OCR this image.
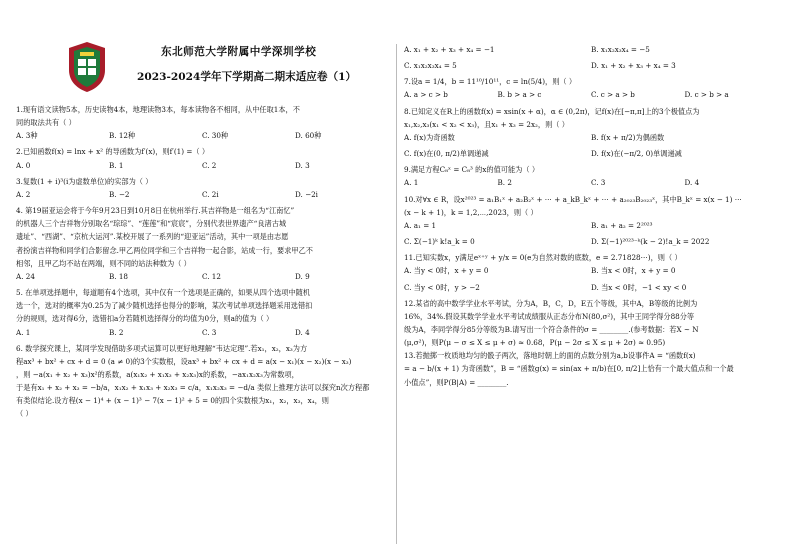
东北师范大学附属中学深圳学校
2023-2024学年下学期高二期末适应卷（1）
1.现有语文读物5本，历史读物4本，地理读物3本，每本读物各不相同，从中任取1本，不
同的取法共有（ ）
A. 3种	B. 12种	C. 30种	D. 60种
2.已知函数f(x) = lnx + x² 的导函数为f′(x)，则f′(1) =（ ）
A. 0	B. 1	C. 2	D. 3
3.复数(1 + i)³(i为虚数单位)的实部为（ ）
A. 2	B. −2	C. 2i	D. −2i
4. 第19届亚运会将于今年9月23日到10月8日在杭州举行.其吉祥物是一组名为“江南忆”
的机器人三个吉祥物分别取名“琮琮”、“莲莲”和“宸宸”，分别代表世界遗产“良渚古城
遗址”、“西湖”、“京杭大运河”.某校开展了一系列的“迎亚运”活动，其中一项是由志愿
者扮演吉祥物和同学们合影留念.甲乙两位同学和三个吉祥物一起合影，站成一行，要求甲乙不
相邻，且甲乙均不站在两端，则不同的站法种数为（ ）
A. 24	B. 18	C. 12	D. 9
5. 在单项选择题中，每道题有4个选项，其中仅有一个选项是正确的，如果从四个选项中随机
选一个，选对的概率为0.25为了减少随机选择也得分的影响，某次考试单项选择题采用选错扣
分的规则，选对得6分，选错扣a分若随机选择得分的均值为0分，则a的值为（ ）
A. 1	B. 2	C. 3	D. 4
6. 数学探究课上，某同学发现借助多项式运算可以更好地理解“韦达定理”.若x₁，x₂，x₃为方
程ax³ + bx² + cx + d = 0 (a ≠ 0)的3个实数根，设ax³ + bx² + cx + d = a(x − x₁)(x − x₂)(x − x₃)
，则 −a(x₁ + x₂ + x₃)x²的系数，a(x₁x₂ + x₁x₃ + x₂x₃)x的系数，−ax₁x₂x₃为常数项，
于是有x₁ + x₂ + x₃ = −b/a，x₁x₂ + x₁x₃ + x₂x₃ = c/a，x₁x₂x₃ = −d/a 类似上推理方法可以探究n次方程都
有类似结论.设方程(x − 1)⁴ + (x − 1)³ − 7(x − 1)² + 5 = 0的四个实数根为x₁，x₂，x₃，x₄，则
（ ）
A. x₁ + x₂ + x₃ + x₄ = −1	B. x₁x₂x₃x₄ = −5
C. x₁x₂x₃x₄ = 5	D. x₁ + x₂ + x₃ + x₄ = 3
7.设a = 1/4，b = 11¹⁰/10¹¹，c = ln(5/4)，则（ ）
A. a > c > b	B. b > a > c	C. c > a > b	D. c > b > a
8.已知定义在R上的函数f(x) = xsin(x + α)，α ∈ (0,2π)，记f(x)在[−π,π]上的3个极值点为
x₁,x₂,x₃(x₁ < x₂ < x₃)，且x₁ + x₃ = 2x₂，则（ ）
A. f(x)为奇函数	B. f(x + π/2)为偶函数
C. f(x)在(0, π/2)单调递减	D. f(x)在(−π/2, 0)单调递减
9.满足方程C₈ˣ = C₈³ 的x的值可能为（ ）
A. 1	B. 2	C. 3	D. 4
10.对∀x ∈ R，设x²⁰²³ = a₁B₁ˣ + a₂B₂ˣ + ⋯ + a_kB_kˣ + ⋯ + a₂₀₂₃B₂₀₂₃ˣ，其中B_kˣ = x(x − 1) ⋯
(x − k + 1)，k = 1,2,⋯,2023，则（ ）
A. a₁ = 1	B. a₁ + a₂ = 2²⁰²³
C. Σ(−1)ᵏ k!a_k = 0	D. Σ(−1)²⁰²³⁻ᵏ(k − 2)!a_k = 2022
11.已知实数x，y满足eˣ⁺ʸ + y/x = 0(e为自然对数的底数，e = 2.71828⋯)，则（ ）
A. 当y < 0时，x + y = 0	B. 当x < 0时，x + y = 0
C. 当y < 0时，y > −2	D. 当x < 0时，−1 < xy < 0
12.某省的高中数学学业水平考试，分为A，B，C，D，E五个等级，其中A，B等级的比例为
16%，34%.假设其数学学业水平考试成绩服从正态分布N(80,σ²)，其中王同学得分88分等
级为A，李同学得分85分等级为B.请写出一个符合条件的σ = ________.(参考数据：若X ~ N
(μ,σ²)，则P(μ − σ ≤ X ≤ μ + σ) ≈ 0.68，P(μ − 2σ ≤ X ≤ μ + 2σ) ≈ 0.95)
13.若抛掷一枚质地均匀的骰子两次，落地时朝上的面的点数分别为a,b设事件A = “函数f(x)
= a − b/(x + 1) 为奇函数”，B = “函数g(x) = sin(ax + π/b)在[0, π/2]上恰有一个最大值点和一个最
小值点”，则P(B|A) = ________.
